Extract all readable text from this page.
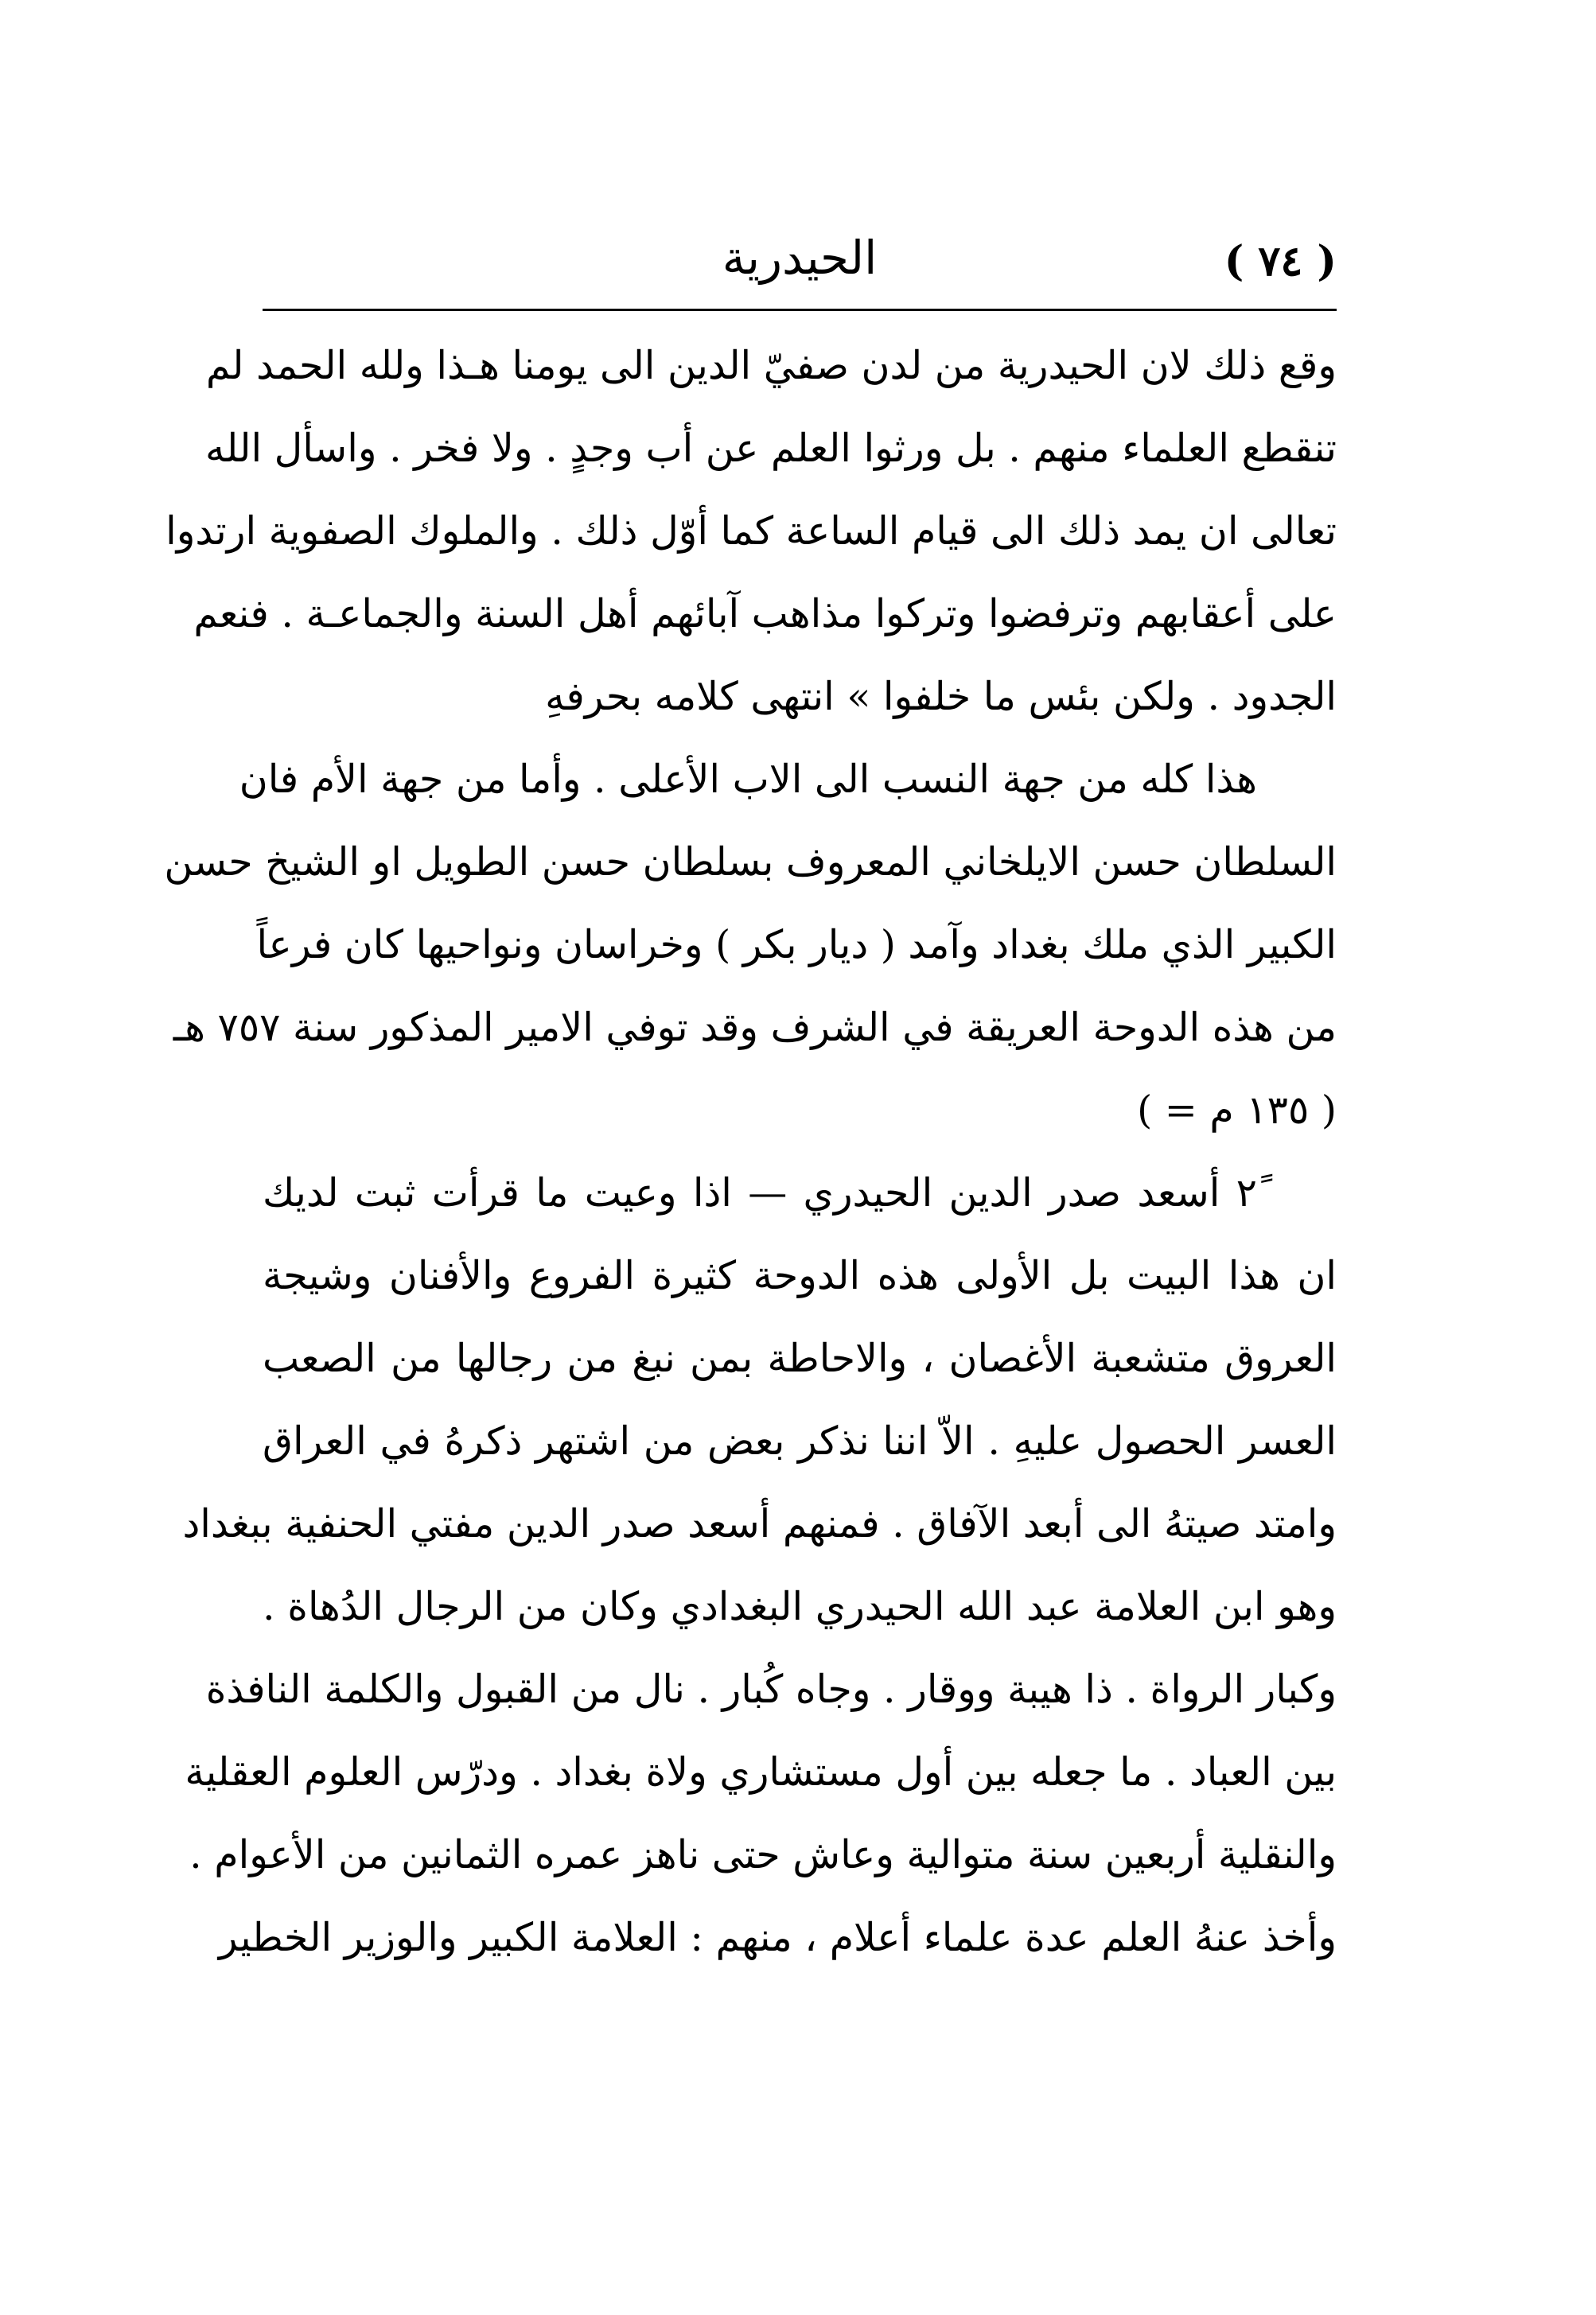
( ٧٤ )
الحيدرية
وقع ذلك لان الحيدرية من لدن صفيّ الدين الى يومنا هـذا ولله الحمد لم
تنقطع العلماء منهم . بل ورثوا العلم عن أب وجدٍ . ولا فخر . واسأل الله
تعالى ان يمد ذلك الى قيام الساعة كما أوّل ذلك . والملوك الصفوية ارتدوا
على أعقابهم وترفضوا وتركوا مذاهب آبائهم أهل السنة والجماعـة . فنعم
الجدود . ولكن بئس ما خلفوا » انتهى كلامه بحرفهِ
هذا كله من جهة النسب الى الاب الأعلى . وأما من جهة الأم فان
السلطان حسن الايلخاني المعروف بسلطان حسن الطويل او الشيخ حسن
الكبير الذي ملك بغداد وآمد ( ديار بكر ) وخراسان ونواحيها كان فرعاً
من هذه الدوحة العريقة في الشرف وقد توفي الامير المذكور سنة ٧٥٧ هـ
( = ١٣٥ م )
٢ً أسعد صدر الدين الحيدري — اذا وعيت ما قرأت ثبت لديك
ان هذا البيت بل الأولى هذه الدوحة كثيرة الفروع والأفنان وشيجة
العروق متشعبة الأغصان ، والاحاطة بمن نبغ من رجالها من الصعب
العسر الحصول عليهِ . الاّ اننا نذكر بعض من اشتهر ذكرهُ في العراق
وامتد صيتهُ الى أبعد الآفاق . فمنهم أسعد صدر الدين مفتي الحنفية ببغداد
وهو ابن العلامة عبد الله الحيدري البغدادي وكان من الرجال الدُهاة .
وكبار الرواة . ذا هيبة ووقار . وجاه كُبار . نال من القبول والكلمة النافذة
بين العباد . ما جعله بين أول مستشاري ولاة بغداد . ودرّس العلوم العقلية
والنقلية أربعين سنة متوالية وعاش حتى ناهز عمره الثمانين من الأعوام .
وأخذ عنهُ العلم عدة علماء أعلام ، منهم : العلامة الكبير والوزير الخطير
